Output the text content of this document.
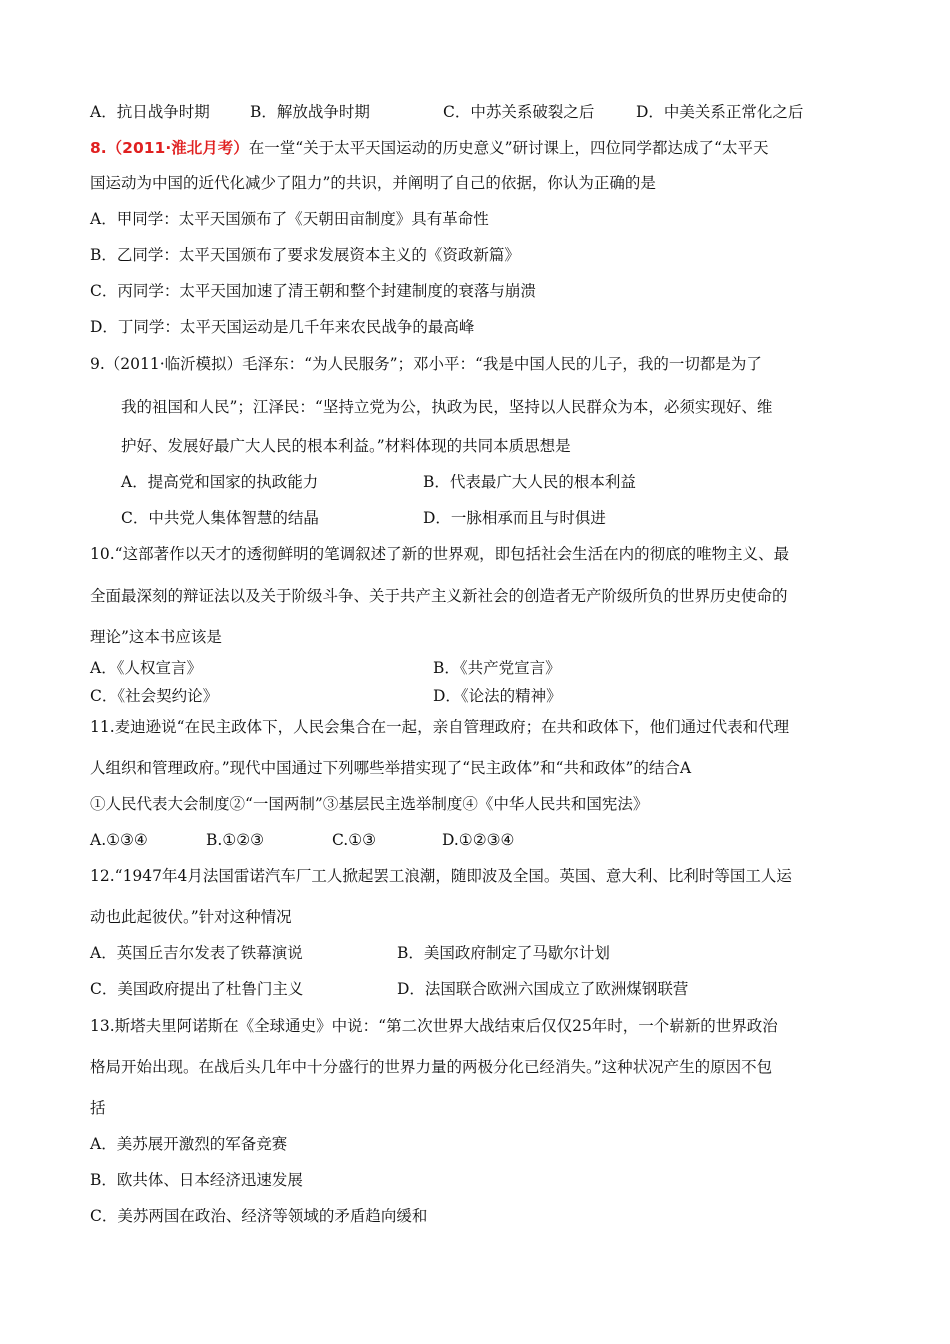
A．抗日战争时期	B．解放战争时期	C．中苏关系破裂之后	D．中美关系正常化之后
8.（2011·淮北月考）在一堂“关于太平天国运动的历史意义”研讨课上，四位同学都达成了“太平天
国运动为中国的近代化减少了阻力”的共识，并阐明了自己的依据，你认为正确的是
A．甲同学：太平天国颁布了《天朝田亩制度》具有革命性
B．乙同学：太平天国颁布了要求发展资本主义的《资政新篇》
C．丙同学：太平天国加速了清王朝和整个封建制度的衰落与崩溃
D．丁同学：太平天国运动是几千年来农民战争的最高峰
9.（2011·临沂模拟）毛泽东：“为人民服务”；邓小平：“我是中国人民的儿子，我的一切都是为了
我的祖国和人民”；江泽民：“坚持立党为公，执政为民，坚持以人民群众为本，必须实现好、维
护好、发展好最广大人民的根本利益。”材料体现的共同本质思想是
A．提高党和国家的执政能力	B．代表最广大人民的根本利益
C．中共党人集体智慧的结晶	D．一脉相承而且与时俱进
10.“这部著作以天才的透彻鲜明的笔调叙述了新的世界观，即包括社会生活在内的彻底的唯物主义、最
全面最深刻的辩证法以及关于阶级斗争、关于共产主义新社会的创造者无产阶级所负的世界历史使命的
理论”这本书应该是
A．《人权宣言》	B．《共产党宣言》
C．《社会契约论》	D．《论法的精神》
11.麦迪逊说“在民主政体下，人民会集合在一起，亲自管理政府；在共和政体下，他们通过代表和代理
人组织和管理政府。”现代中国通过下列哪些举措实现了“民主政体”和“共和政体”的结合A
①人民代表大会制度②“一国两制”③基层民主选举制度④《中华人民共和国宪法》
A.①③④	B.①②③	C.①③	D.①②③④
12.“1947年4月法国雷诺汽车厂工人掀起罢工浪潮，随即波及全国。英国、意大利、比利时等国工人运
动也此起彼伏。”针对这种情况
A．英国丘吉尔发表了铁幕演说	B．美国政府制定了马歇尔计划
C．美国政府提出了杜鲁门主义	D．法国联合欧洲六国成立了欧洲煤钢联营
13.斯塔夫里阿诺斯在《全球通史》中说：“第二次世界大战结束后仅仅25年时，一个崭新的世界政治
格局开始出现。在战后头几年中十分盛行的世界力量的两极分化已经消失。”这种状况产生的原因不包
括
A．美苏展开激烈的军备竞赛
B．欧共体、日本经济迅速发展
C．美苏两国在政治、经济等领域的矛盾趋向缓和
